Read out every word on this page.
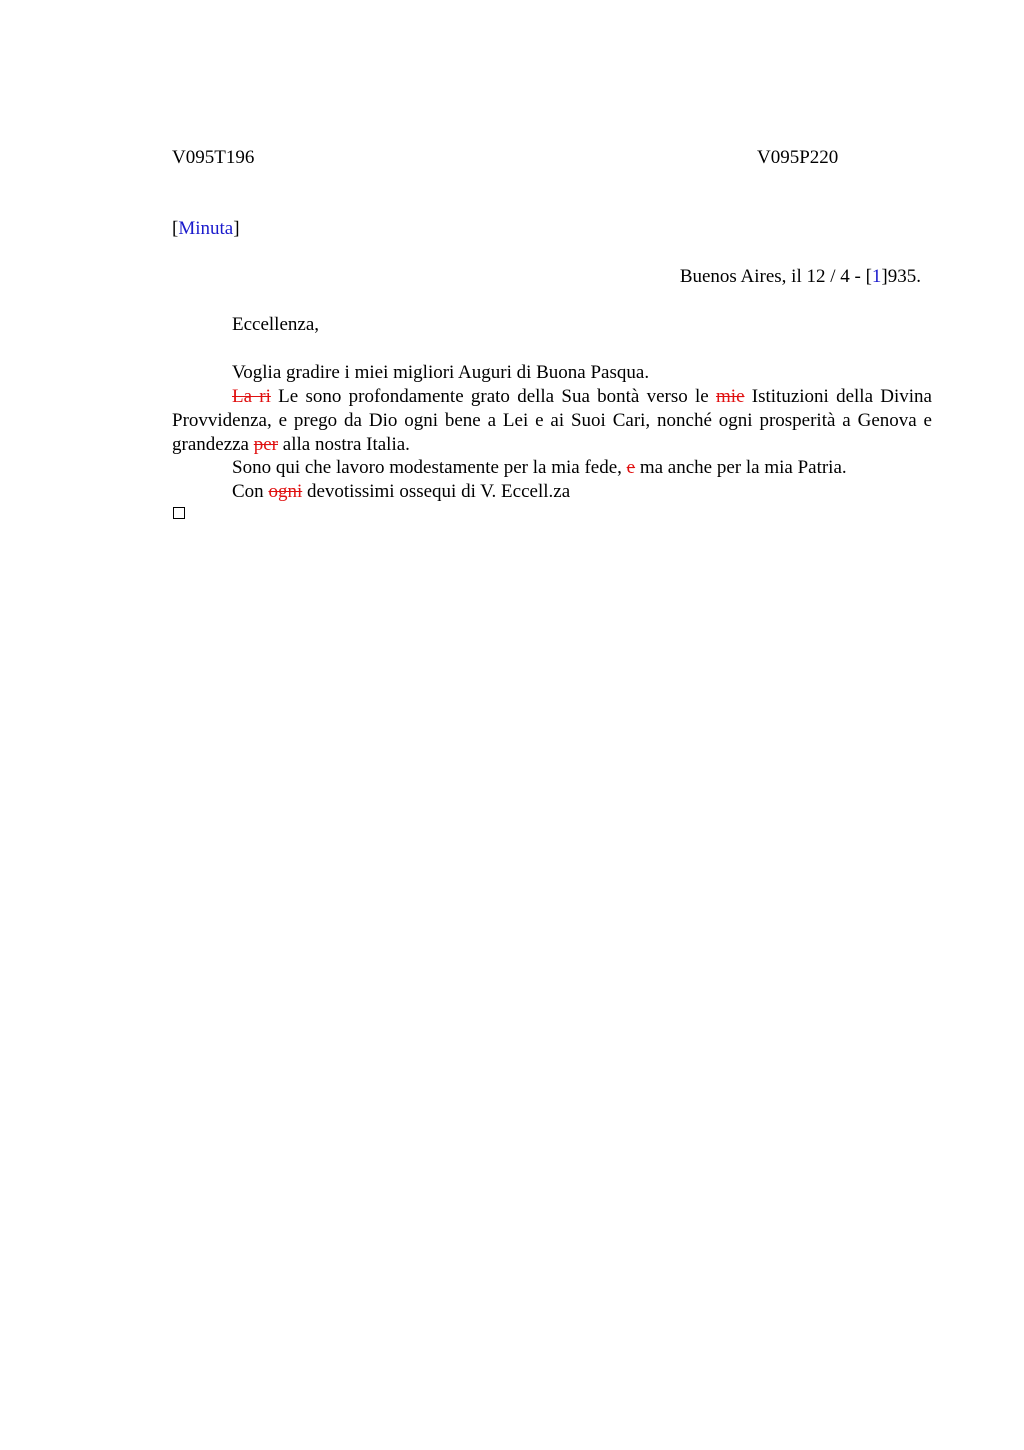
V095T196	V095P220
[Minuta]
Buenos Aires, il 12 / 4 - [1]935.
Eccellenza,
Voglia gradire i miei migliori Auguri di Buona Pasqua.
La ri Le sono profondamente grato della Sua bontà verso le mie Istituzioni della Divina Provvidenza, e prego da Dio ogni bene a Lei e ai Suoi Cari, nonché ogni prosperità a Genova e grandezza per alla nostra Italia.
Sono qui che lavoro modestamente per la mia fede, e ma anche per la mia Patria.
Con ogni devotissimi ossequi di V. Eccell.za
